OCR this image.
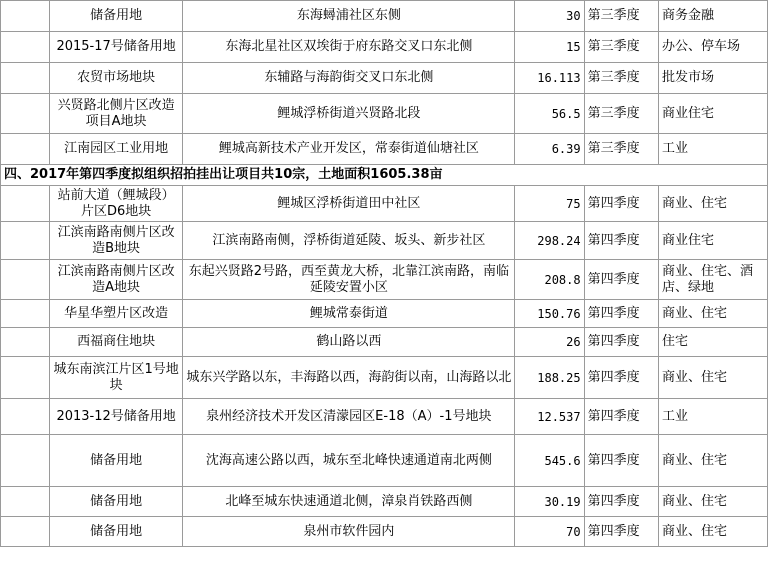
	储备用地	东海蟳浦社区东侧	30	第三季度	商务金融
	2015-17号储备用地	东海北星社区双埃街于府东路交叉口东北侧	15	第三季度	办公、停车场
	农贸市场地块	东辅路与海韵街交叉口东北侧	16.113	第三季度	批发市场
	兴贤路北侧片区改造项目A地块	鲤城浮桥街道兴贤路北段	56.5	第三季度	商业住宅
	江南园区工业用地	鲤城高新技术产业开发区，常泰街道仙塘社区	6.39	第三季度	工业
四、2017年第四季度拟组织招拍挂出让项目共10宗，土地面积1605.38亩					
	站前大道（鲤城段）片区D6地块	鲤城区浮桥街道田中社区	75	第四季度	商业、住宅
	江滨南路南侧片区改造B地块	江滨南路南侧，浮桥街道延陵、坂头、新步社区	298.24	第四季度	商业住宅
	江滨南路南侧片区改造A地块	东起兴贤路2号路，西至黄龙大桥，北靠江滨南路，南临延陵安置小区	208.8	第四季度	商业、住宅、酒店、绿地
	华星华塑片区改造	鲤城常泰街道	150.76	第四季度	商业、住宅
	西福商住地块	鹤山路以西	26	第四季度	住宅
	城东南滨江片区1号地块	城东兴学路以东，丰海路以西，海韵街以南，山海路以北	188.25	第四季度	商业、住宅
	2013-12号储备用地	泉州经济技术开发区清濛园区E-18（A）-1号地块	12.537	第四季度	工业
	储备用地	沈海高速公路以西，城东至北峰快速通道南北两侧	545.6	第四季度	商业、住宅
	储备用地	北峰至城东快速通道北侧，漳泉肖铁路西侧	30.19	第四季度	商业、住宅
	储备用地	泉州市软件园内	70	第四季度	商业、住宅
